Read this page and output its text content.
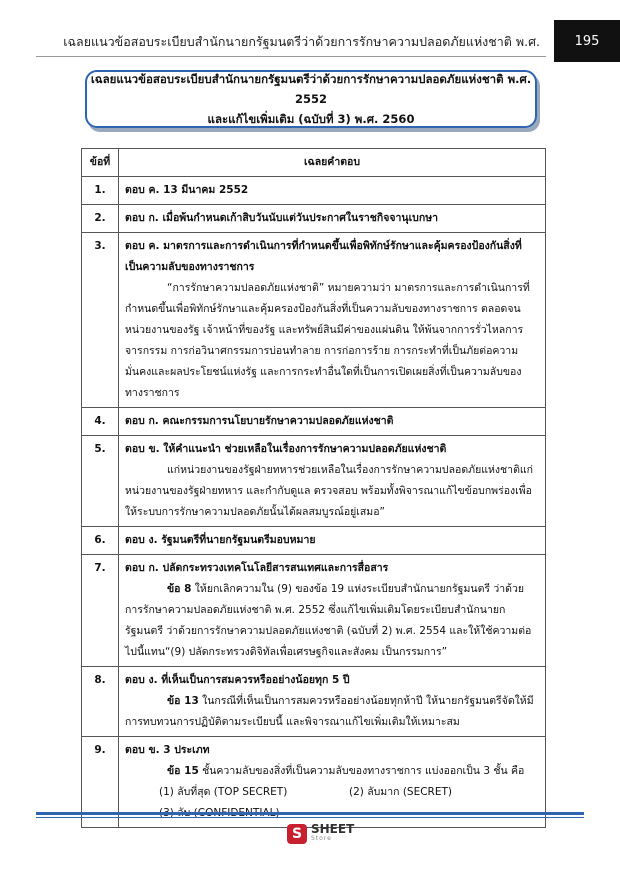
เฉลยแนวข้อสอบระเบียบสำนักนายกรัฐมนตรีว่าด้วยการรักษาความปลอดภัยแห่งชาติ พ.ศ.	195
เฉลยแนวข้อสอบระเบียบสำนักนายกรัฐมนตรีว่าด้วยการรักษาความปลอดภัยแห่งชาติ พ.ศ. 2552
และแก้ไขเพิ่มเติม (ฉบับที่ 3) พ.ศ. 2560
ข้อที่	เฉลยคำตอบ
1.	ตอบ ค. 13 มีนาคม 2552

2.	ตอบ ก. เมื่อพ้นกำหนดเก้าสิบวันนับแต่วันประกาศในราชกิจจานุเบกษา

3.	ตอบ ค. มาตรการและการดำเนินการที่กำหนดขึ้นเพื่อพิทักษ์รักษาและคุ้มครองป้องกันสิ่งที่เป็นความลับของทางราชการ
“การรักษาความปลอดภัยแห่งชาติ” หมายความว่า มาตรการและการดำเนินการที่กำหนดขึ้นเพื่อพิทักษ์รักษาและคุ้มครองป้องกันสิ่งที่เป็นความลับของทางราชการ ตลอดจนหน่วยงานของรัฐ เจ้าหน้าที่ของรัฐ และทรัพย์สินมีค่าของแผ่นดิน ให้พ้นจากการรั่วไหลการจารกรรม การก่อวินาศกรรมการบ่อนทำลาย การก่อการร้าย การกระทำที่เป็นภัยต่อความมั่นคงและผลประโยชน์แห่งรัฐ และการกระทำอื่นใดที่เป็นการเปิดเผยสิ่งที่เป็นความลับของทางราชการ

4.	ตอบ ก. คณะกรรมการนโยบายรักษาความปลอดภัยแห่งชาติ

5.	ตอบ ข. ให้คำแนะนำ ช่วยเหลือในเรื่องการรักษาความปลอดภัยแห่งชาติ
แก่หน่วยงานของรัฐฝ่ายทหารช่วยเหลือในเรื่องการรักษาความปลอดภัยแห่งชาติแก่หน่วยงานของรัฐฝ่ายทหาร และกำกับดูแล ตรวจสอบ พร้อมทั้งพิจารณาแก้ไขข้อบกพร่องเพื่อให้ระบบการรักษาความปลอดภัยนั้นได้ผลสมบูรณ์อยู่เสมอ”

6.	ตอบ ง. รัฐมนตรีที่นายกรัฐมนตรีมอบหมาย

7.	ตอบ ก. ปลัดกระทรวงเทคโนโลยีสารสนเทศและการสื่อสาร
ข้อ 8 ให้ยกเลิกความใน (9) ของข้อ 19 แห่งระเบียบสำนักนายกรัฐมนตรี ว่าด้วยการรักษาความปลอดภัยแห่งชาติ พ.ศ. 2552 ซึ่งแก้ไขเพิ่มเติมโดยระเบียบสำนักนายกรัฐมนตรี ว่าด้วยการรักษาความปลอดภัยแห่งชาติ (ฉบับที่ 2) พ.ศ. 2554 และให้ใช้ความต่อไปนี้แทน“(9) ปลัดกระทรวงดิจิทัลเพื่อเศรษฐกิจและสังคม เป็นกรรมการ”

8.	ตอบ ง. ที่เห็นเป็นการสมควรหรืออย่างน้อยทุก 5 ปี
ข้อ 13 ในกรณีที่เห็นเป็นการสมควรหรืออย่างน้อยทุกห้าปี ให้นายกรัฐมนตรีจัดให้มีการทบทวนการปฏิบัติตามระเบียบนี้ และพิจารณาแก้ไขเพิ่มเติมให้เหมาะสม

9.	ตอบ ข. 3 ประเภท
ข้อ 15 ชั้นความลับของสิ่งที่เป็นความลับของทางราชการ แบ่งออกเป็น 3 ชั้น คือ
(1) ลับที่สุด (TOP SECRET) (2) ลับมาก (SECRET)
S SHEET
Store
